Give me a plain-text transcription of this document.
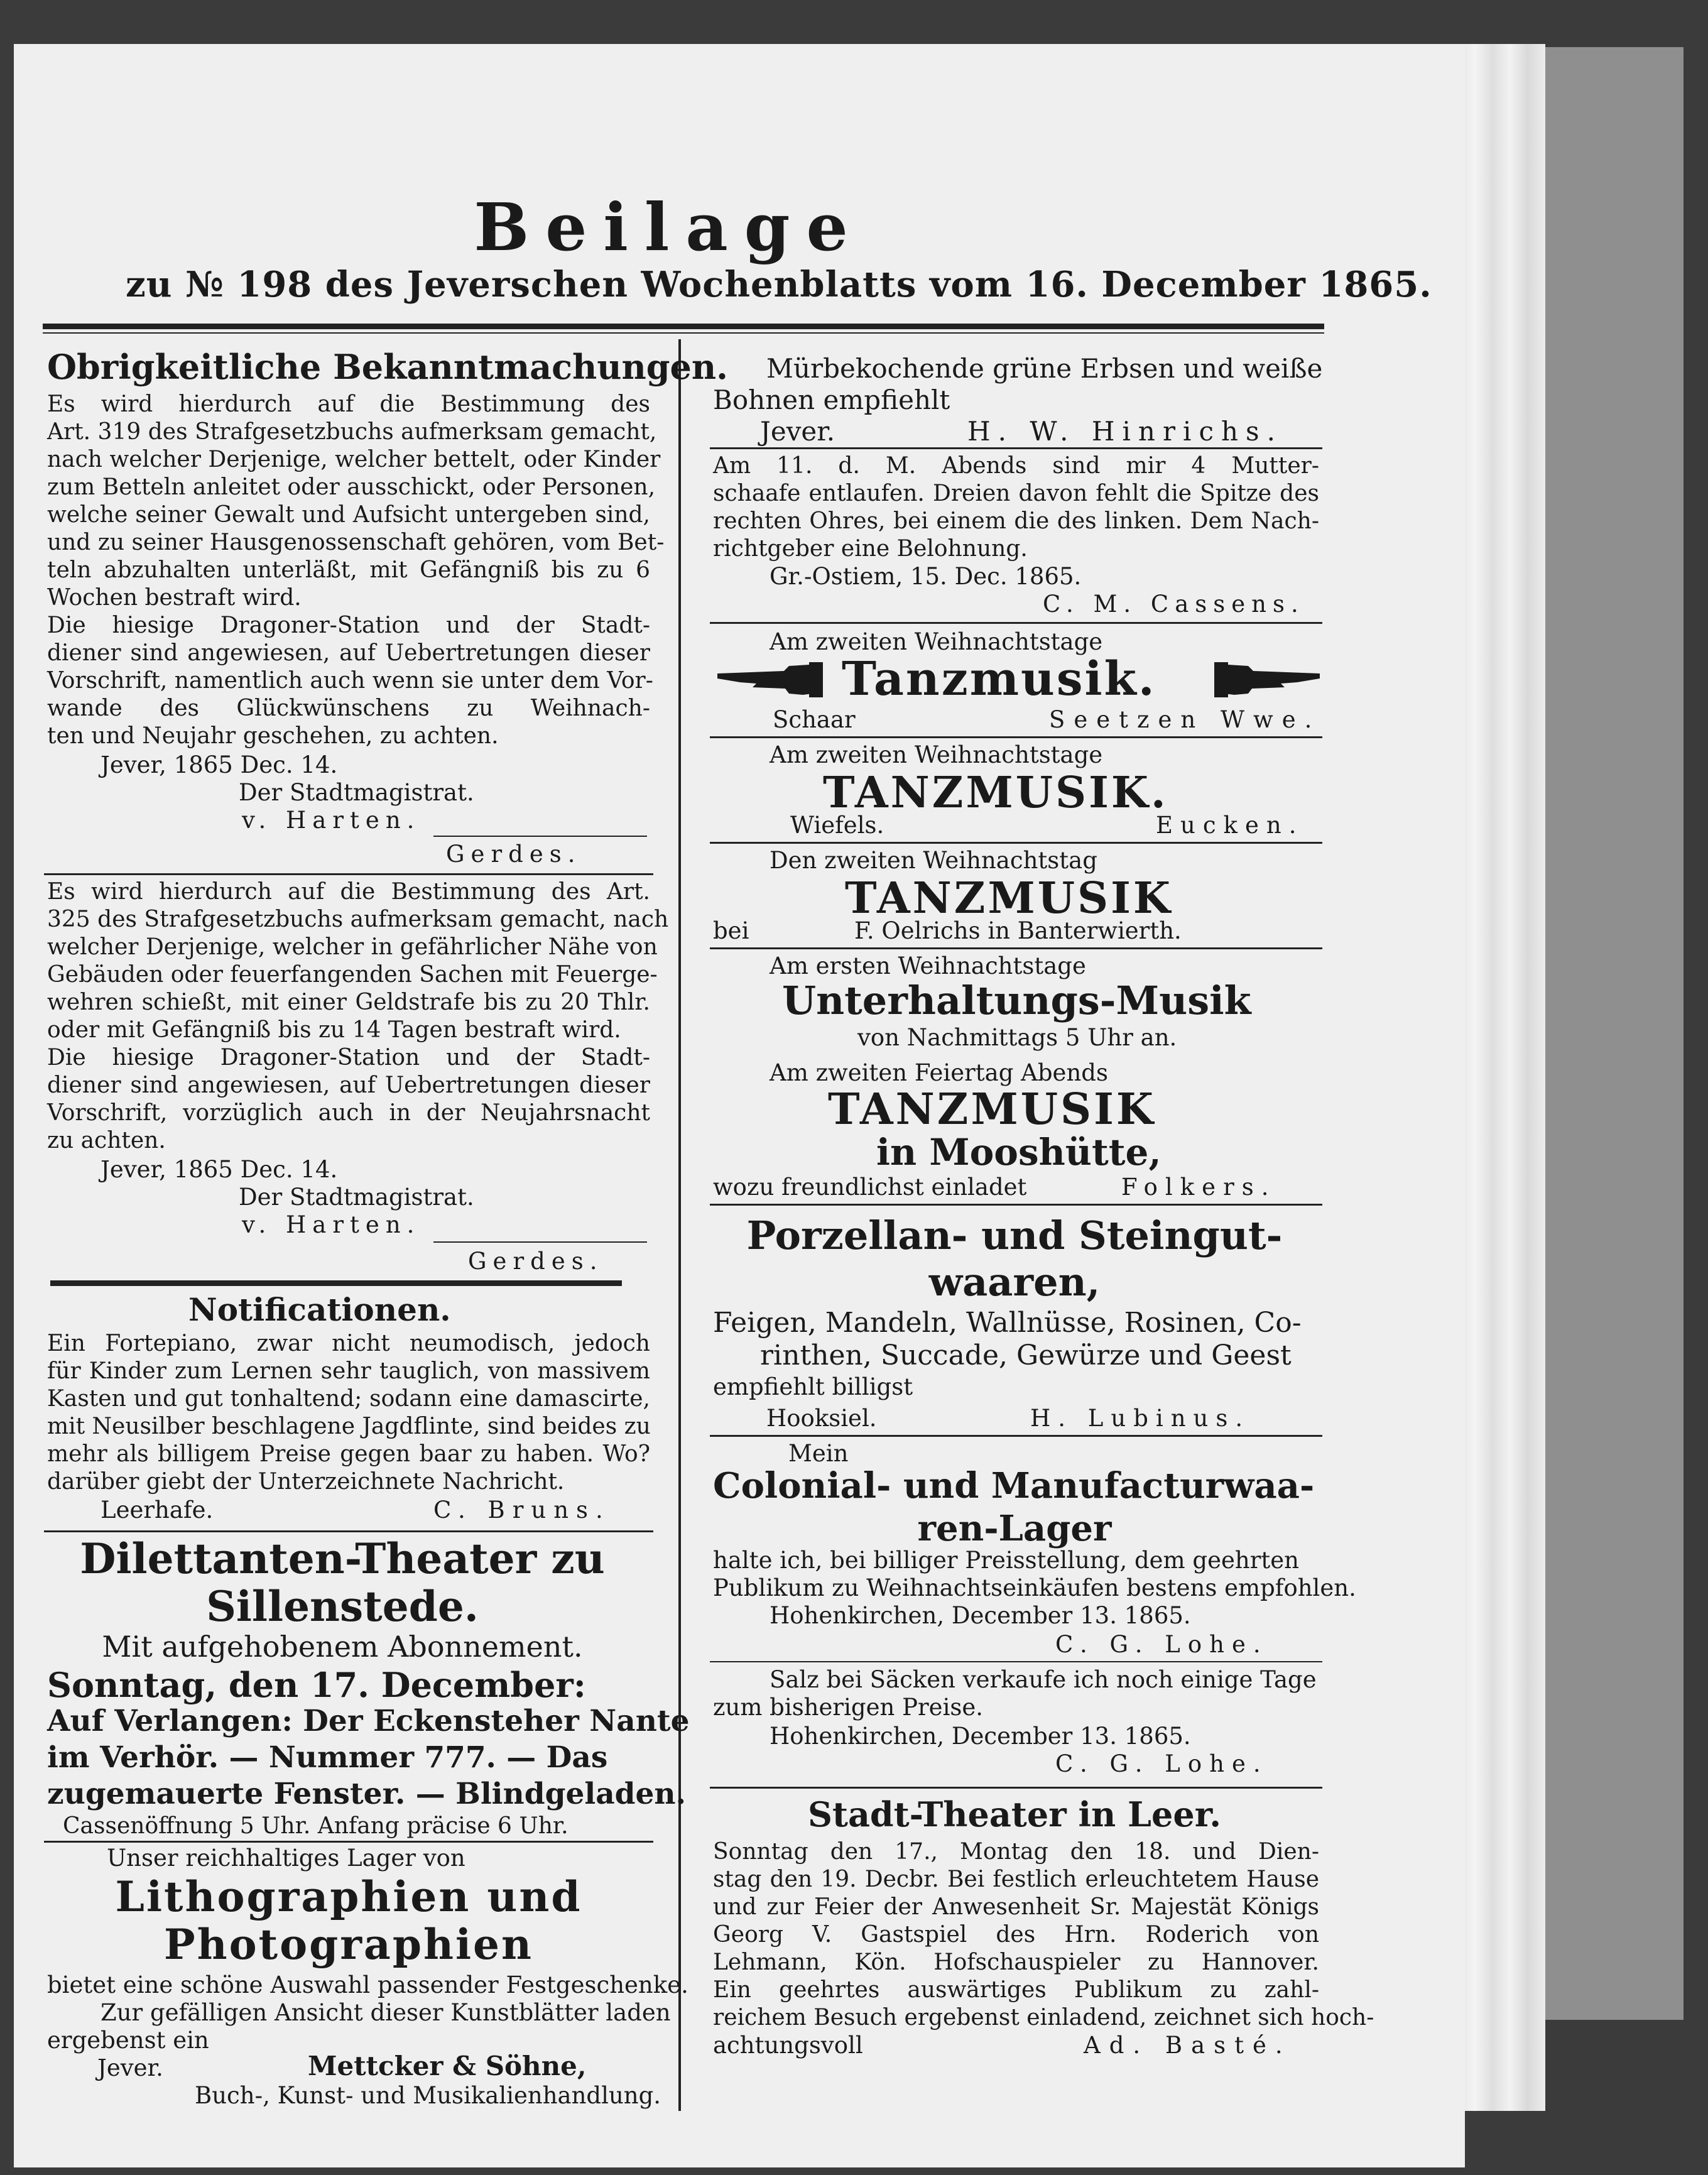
Beilage
zu № 198 des Jeverschen Wochenblatts vom 16. December 1865.
Obrigkeitliche Bekanntmachungen.
Es wird hierdurch auf die Bestimmung des
Art. 319 des Strafgesetzbuchs aufmerksam gemacht,
nach welcher Derjenige, welcher bettelt, oder Kinder
zum Betteln anleitet oder ausschickt, oder Personen,
welche seiner Gewalt und Aufsicht untergeben sind,
und zu seiner Hausgenossenschaft gehören, vom Bet-
teln abzuhalten unterläßt, mit Gefängniß bis zu 6
Wochen bestraft wird.
Die hiesige Dragoner-Station und der Stadt-
diener sind angewiesen, auf Uebertretungen dieser
Vorschrift, namentlich auch wenn sie unter dem Vor-
wande des Glückwünschens zu Weihnach-
ten und Neujahr geschehen, zu achten.
Jever, 1865 Dec. 14.
Der Stadtmagistrat.
v. Harten.
Gerdes.
Es wird hierdurch auf die Bestimmung des Art.
325 des Strafgesetzbuchs aufmerksam gemacht, nach
welcher Derjenige, welcher in gefährlicher Nähe von
Gebäuden oder feuerfangenden Sachen mit Feuerge-
wehren schießt, mit einer Geldstrafe bis zu 20 Thlr.
oder mit Gefängniß bis zu 14 Tagen bestraft wird.
Die hiesige Dragoner-Station und der Stadt-
diener sind angewiesen, auf Uebertretungen dieser
Vorschrift, vorzüglich auch in der Neujahrsnacht
zu achten.
Jever, 1865 Dec. 14.
Der Stadtmagistrat.
v. Harten.
Gerdes.
Notificationen.
Ein Fortepiano, zwar nicht neumodisch, jedoch
für Kinder zum Lernen sehr tauglich, von massivem
Kasten und gut tonhaltend; sodann eine damascirte,
mit Neusilber beschlagene Jagdflinte, sind beides zu
mehr als billigem Preise gegen baar zu haben. Wo?
darüber giebt der Unterzeichnete Nachricht.
Leerhafe.	C. Bruns.
Dilettanten-Theater zu
Sillenstede.
Mit aufgehobenem Abonnement.
Sonntag, den 17. December:
Auf Verlangen: Der Eckensteher Nante
im Verhör. — Nummer 777. — Das
zugemauerte Fenster. — Blindgeladen.
Cassenöffnung 5 Uhr. Anfang präcise 6 Uhr.
Unser reichhaltiges Lager von
Lithographien und
Photographien
bietet eine schöne Auswahl passender Festgeschenke.
Zur gefälligen Ansicht dieser Kunstblätter laden
ergebenst ein
Jever.	Mettcker & Söhne,
Buch-, Kunst- und Musikalienhandlung.
Mürbekochende grüne Erbsen und weiße
Bohnen empfiehlt
Jever.	H. W. Hinrichs.
Am 11. d. M. Abends sind mir 4 Mutter-
schaafe entlaufen. Dreien davon fehlt die Spitze des
rechten Ohres, bei einem die des linken. Dem Nach-
richtgeber eine Belohnung.
Gr.-Ostiem, 15. Dec. 1865.
C. M. Cassens.
Am zweiten Weihnachtstage
Tanzmusik.
Schaar	Seetzen Wwe.
Am zweiten Weihnachtstage
TANZMUSIK.
Wiefels.	Eucken.
Den zweiten Weihnachtstag
TANZMUSIK
bei	F. Oelrichs in Banterwierth.
Am ersten Weihnachtstage
Unterhaltungs-Musik
von Nachmittags 5 Uhr an.
Am zweiten Feiertag Abends
TANZMUSIK
in Mooshütte,
wozu freundlichst einladet	Folkers.
Porzellan- und Steingut-
waaren,
Feigen, Mandeln, Wallnüsse, Rosinen, Co-
rinthen, Succade, Gewürze und Geest
empfiehlt billigst
Hooksiel.	H. Lubinus.
Mein
Colonial- und Manufacturwaa-
ren-Lager
halte ich, bei billiger Preisstellung, dem geehrten
Publikum zu Weihnachtseinkäufen bestens empfohlen.
Hohenkirchen, December 13. 1865.
C. G. Lohe.
Salz bei Säcken verkaufe ich noch einige Tage
zum bisherigen Preise.
Hohenkirchen, December 13. 1865.
C. G. Lohe.
Stadt-Theater in Leer.
Sonntag den 17., Montag den 18. und Dien-
stag den 19. Decbr. Bei festlich erleuchtetem Hause
und zur Feier der Anwesenheit Sr. Majestät Königs
Georg V. Gastspiel des Hrn. Roderich von
Lehmann, Kön. Hofschauspieler zu Hannover.
Ein geehrtes auswärtiges Publikum zu zahl-
reichem Besuch ergebenst einladend, zeichnet sich hoch-
achtungsvoll	Ad. Basté.
